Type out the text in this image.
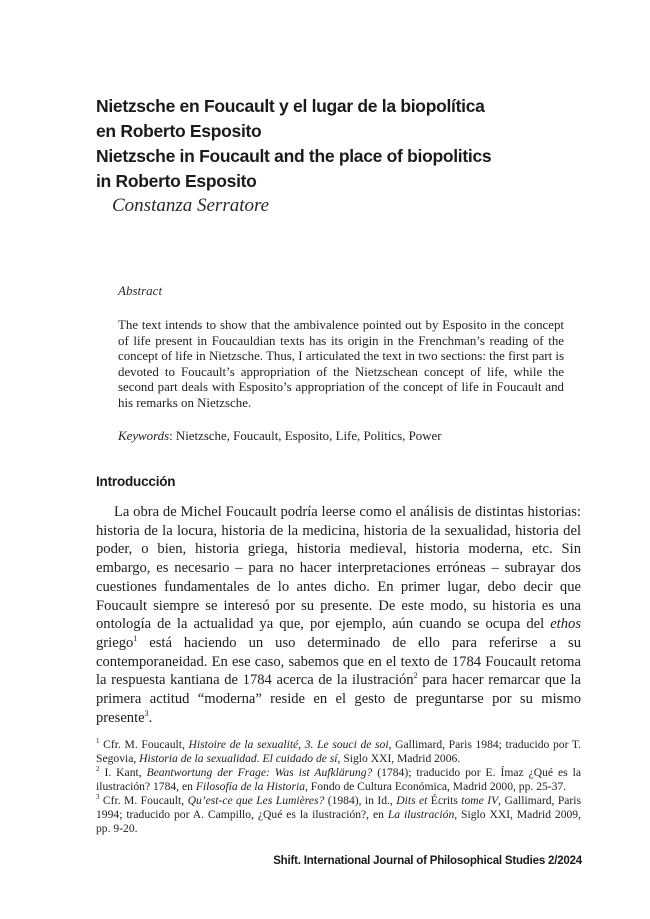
Nietzsche en Foucault y el lugar de la biopolítica
en Roberto Esposito
Nietzsche in Foucault and the place of biopolitics
in Roberto Esposito
Constanza Serratore
Abstract

The text intends to show that the ambivalence pointed out by Esposito in the concept of life present in Foucauldian texts has its origin in the Frenchman’s reading of the concept of life in Nietzsche. Thus, I articulated the text in two sections: the first part is devoted to Foucault’s appropriation of the Nietzschean concept of life, while the second part deals with Esposito’s appropriation of the concept of life in Foucault and his remarks on Nietzsche.

Keywords: Nietzsche, Foucault, Esposito, Life, Politics, Power
Introducción

La obra de Michel Foucault podría leerse como el análisis de distintas historias: historia de la locura, historia de la medicina, historia de la sexualidad, historia del poder, o bien, historia griega, historia medieval, historia moderna, etc. Sin embargo, es necesario – para no hacer interpretaciones erróneas – subrayar dos cuestiones fundamentales de lo antes dicho. En primer lugar, debo decir que Foucault siempre se interesó por su presente. De este modo, su historia es una ontología de la actualidad ya que, por ejemplo, aún cuando se ocupa del ethos griego$^1$ está haciendo un uso determinado de ello para referirse a su contemporaneidad. En ese caso, sabemos que en el texto de 1784 Foucault retoma la respuesta kantiana de 1784 acerca de la ilustración$^2$ para hacer remarcar que la primera actitud “moderna” reside en el gesto de preguntarse por su mismo presente$^3$.

$^1$ Cfr. M. Foucault, Histoire de la sexualité, 3. Le souci de soi, Gallimard, Paris 1984; traducido por T. Segovia, Historia de la sexualidad. El cuidado de sí, Siglo XXI, Madrid 2006.

$^2$ I. Kant, Beantwortung der Frage: Was ist Aufklärung? (1784); traducido por E. Ímaz ¿Qué es la ilustración? 1784, en Filosofía de la Historia, Fondo de Cultura Económica, Madrid 2000, pp. 25-37.

$^3$ Cfr. M. Foucault, Qu’est-ce que Les Lumières? (1984), in Id., Dits et Écrits tome IV, Gallimard, Paris 1994; traducido por A. Campillo, ¿Qué es la ilustración?, en La ilustración, Siglo XXI, Madrid 2009, pp. 9-20.

Shift. International Journal of Philosophical Studies 2/2024
